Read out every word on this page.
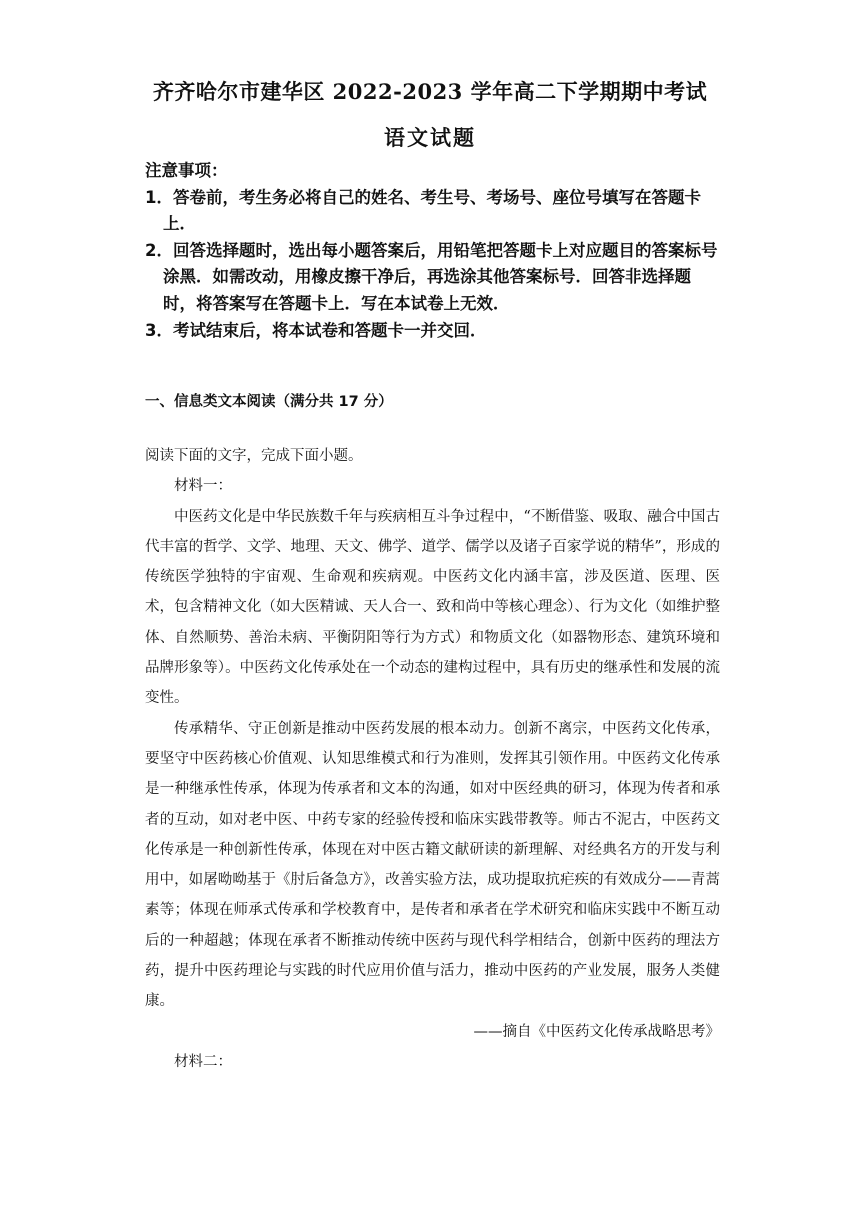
齐齐哈尔市建华区 2022-2023 学年高二下学期期中考试
语文试题
注意事项：
1．答卷前，考生务必将自己的姓名、考生号、考场号、座位号填写在答题卡上．
2．回答选择题时，选出每小题答案后，用铅笔把答题卡上对应题目的答案标号涂黑．如需改动，用橡皮擦干净后，再选涂其他答案标号．回答非选择题时，将答案写在答题卡上．写在本试卷上无效．
3．考试结束后，将本试卷和答题卡一并交回．
一、信息类文本阅读（满分共 17 分）

阅读下面的文字，完成下面小题。

材料一：

中医药文化是中华民族数千年与疾病相互斗争过程中，“不断借鉴、吸取、融合中国古代丰富的哲学、文学、地理、天文、佛学、道学、儒学以及诸子百家学说的精华”，形成的传统医学独特的宇宙观、生命观和疾病观。中医药文化内涵丰富，涉及医道、医理、医术，包含精神文化（如大医精诚、天人合一、致和尚中等核心理念）、行为文化（如维护整体、自然顺势、善治未病、平衡阴阳等行为方式）和物质文化（如器物形态、建筑环境和品牌形象等）。中医药文化传承处在一个动态的建构过程中，具有历史的继承性和发展的流变性。

传承精华、守正创新是推动中医药发展的根本动力。创新不离宗，中医药文化传承，要坚守中医药核心价值观、认知思维模式和行为准则，发挥其引领作用。中医药文化传承是一种继承性传承，体现为传承者和文本的沟通，如对中医经典的研习，体现为传者和承者的互动，如对老中医、中药专家的经验传授和临床实践带教等。师古不泥古，中医药文化传承是一种创新性传承，体现在对中医古籍文献研读的新理解、对经典名方的开发与利用中，如屠呦呦基于《肘后备急方》，改善实验方法，成功提取抗疟疾的有效成分——青蒿素等；体现在师承式传承和学校教育中，是传者和承者在学术研究和临床实践中不断互动后的一种超越；体现在承者不断推动传统中医药与现代科学相结合，创新中医药的理法方药，提升中医药理论与实践的时代应用价值与活力，推动中医药的产业发展，服务人类健康。

——摘自《中医药文化传承战略思考》

材料二：
